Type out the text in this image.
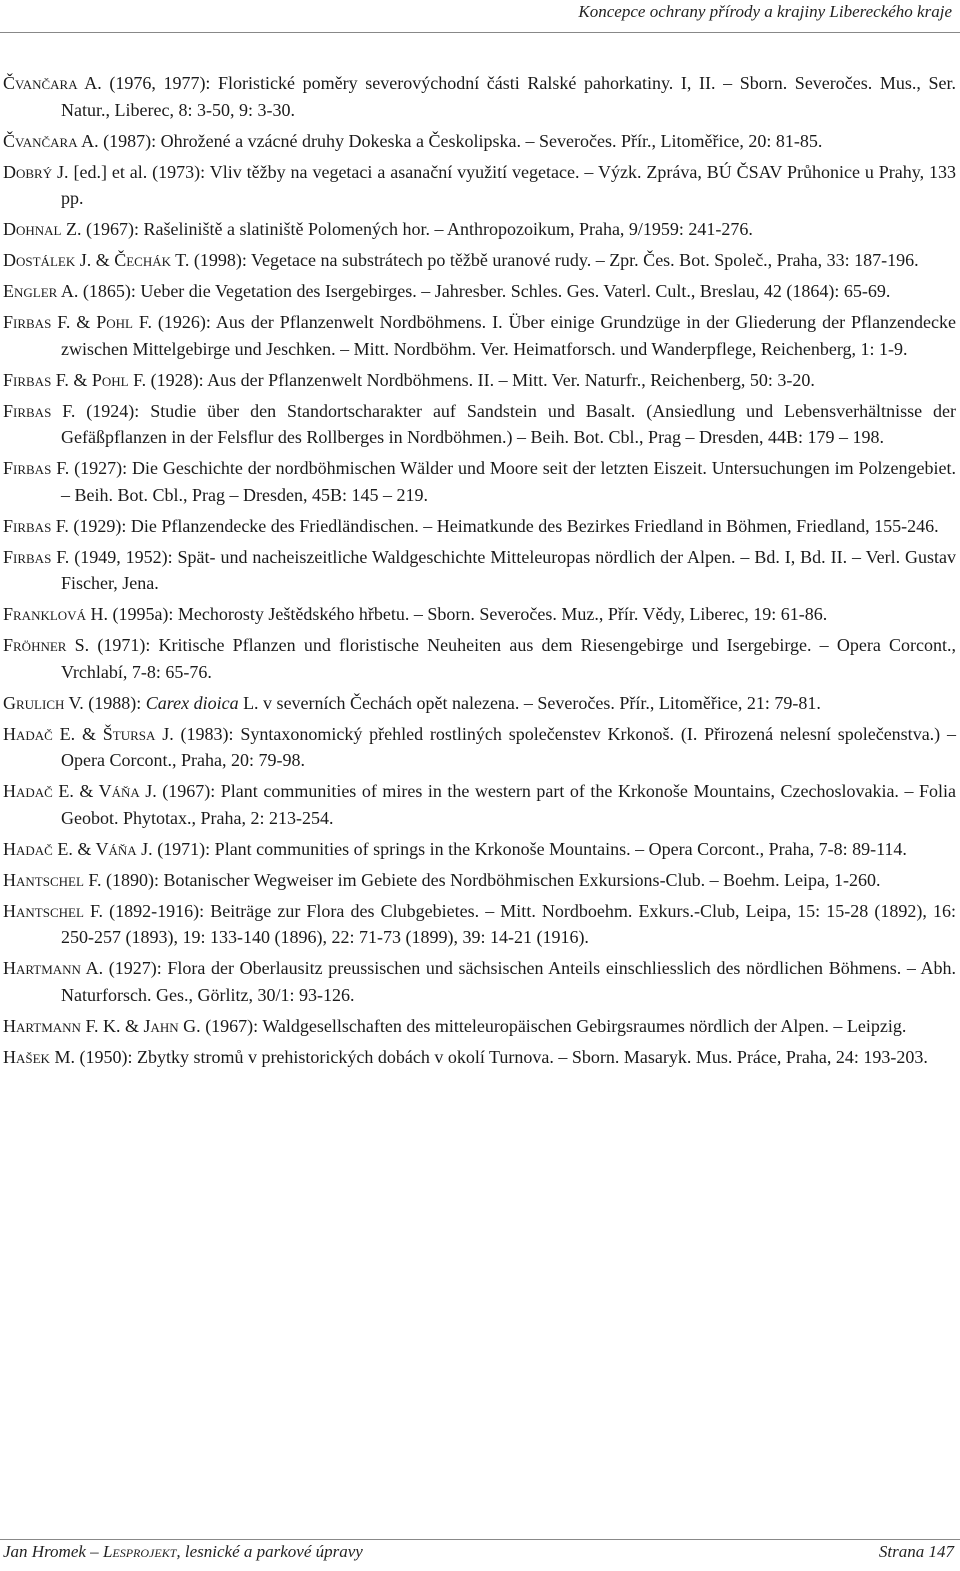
Koncepce ochrany přírody a krajiny Libereckého kraje

Čvančara A. (1976, 1977): Floristické poměry severovýchodní části Ralské pahorkatiny. I, II. – Sborn. Severočes. Mus., Ser. Natur., Liberec, 8: 3-50, 9: 3-30.

Čvančara A. (1987): Ohrožené a vzácné druhy Dokeska a Českolipska. – Severočes. Přír., Litoměřice, 20: 81-85.

Dobrý J. [ed.] et al. (1973): Vliv těžby na vegetaci a asanační využití vegetace. – Výzk. Zpráva, BÚ ČSAV Průhonice u Prahy, 133 pp.

Dohnal Z. (1967): Rašeliniště a slatiniště Polomených hor. – Anthropozoikum, Praha, 9/1959: 241-276.

Dostálek J. & Čechák T. (1998): Vegetace na substrátech po těžbě uranové rudy. – Zpr. Čes. Bot. Společ., Praha, 33: 187-196.

Engler A. (1865): Ueber die Vegetation des Isergebirges. – Jahresber. Schles. Ges. Vaterl. Cult., Breslau, 42 (1864): 65-69.

Firbas F. & Pohl F. (1926): Aus der Pflanzenwelt Nordböhmens. I. Über einige Grundzüge in der Gliederung der Pflanzendecke zwischen Mittelgebirge und Jeschken. – Mitt. Nordböhm. Ver. Heimatforsch. und Wanderpflege, Reichenberg, 1: 1-9.

Firbas F. & Pohl F. (1928): Aus der Pflanzenwelt Nordböhmens. II. – Mitt. Ver. Naturfr., Reichenberg, 50: 3-20.

Firbas F. (1924): Studie über den Standortscharakter auf Sandstein und Basalt. (Ansiedlung und Lebensverhältnisse der Gefäßpflanzen in der Felsflur des Rollberges in Nordböhmen.) – Beih. Bot. Cbl., Prag – Dresden, 44B: 179 – 198.

Firbas F. (1927): Die Geschichte der nordböhmischen Wälder und Moore seit der letzten Eiszeit. Untersuchungen im Polzengebiet. – Beih. Bot. Cbl., Prag – Dresden, 45B: 145 – 219.

Firbas F. (1929): Die Pflanzendecke des Friedländischen. – Heimatkunde des Bezirkes Friedland in Böhmen, Friedland, 155-246.

Firbas F. (1949, 1952): Spät- und nacheiszeitliche Waldgeschichte Mitteleuropas nördlich der Alpen. – Bd. I, Bd. II. – Verl. Gustav Fischer, Jena.

Franklová H. (1995a): Mechorosty Ještědského hřbetu. – Sborn. Severočes. Muz., Přír. Vědy, Liberec, 19: 61-86.

Fröhner S. (1971): Kritische Pflanzen und floristische Neuheiten aus dem Riesengebirge und Isergebirge. – Opera Corcont., Vrchlabí, 7-8: 65-76.

Grulich V. (1988): Carex dioica L. v severních Čechách opět nalezena. – Severočes. Přír., Litoměřice, 21: 79-81.

Hadač E. & Štursa J. (1983): Syntaxonomický přehled rostliných společenstev Krkonoš. (I. Přirozená nelesní společenstva.) – Opera Corcont., Praha, 20: 79-98.

Hadač E. & Váňa J. (1967): Plant communities of mires in the western part of the Krkonoše Mountains, Czechoslovakia. – Folia Geobot. Phytotax., Praha, 2: 213-254.

Hadač E. & Váňa J. (1971): Plant communities of springs in the Krkonoše Mountains. – Opera Corcont., Praha, 7-8: 89-114.

Hantschel F. (1890): Botanischer Wegweiser im Gebiete des Nordböhmischen Exkursions-Club. – Boehm. Leipa, 1-260.

Hantschel F. (1892-1916): Beiträge zur Flora des Clubgebietes. – Mitt. Nordboehm. Exkurs.-Club, Leipa, 15: 15-28 (1892), 16: 250-257 (1893), 19: 133-140 (1896), 22: 71-73 (1899), 39: 14-21 (1916).

Hartmann A. (1927): Flora der Oberlausitz preussischen und sächsischen Anteils einschliesslich des nördlichen Böhmens. – Abh. Naturforsch. Ges., Görlitz, 30/1: 93-126.

Hartmann F. K. & Jahn G. (1967): Waldgesellschaften des mitteleuropäischen Gebirgsraumes nördlich der Alpen. – Leipzig.

Hašek M. (1950): Zbytky stromů v prehistorických dobách v okolí Turnova. – Sborn. Masaryk. Mus. Práce, Praha, 24: 193-203.

Jan Hromek – Lesprojekt, lesnické a parkové úpravy	Strana 147
